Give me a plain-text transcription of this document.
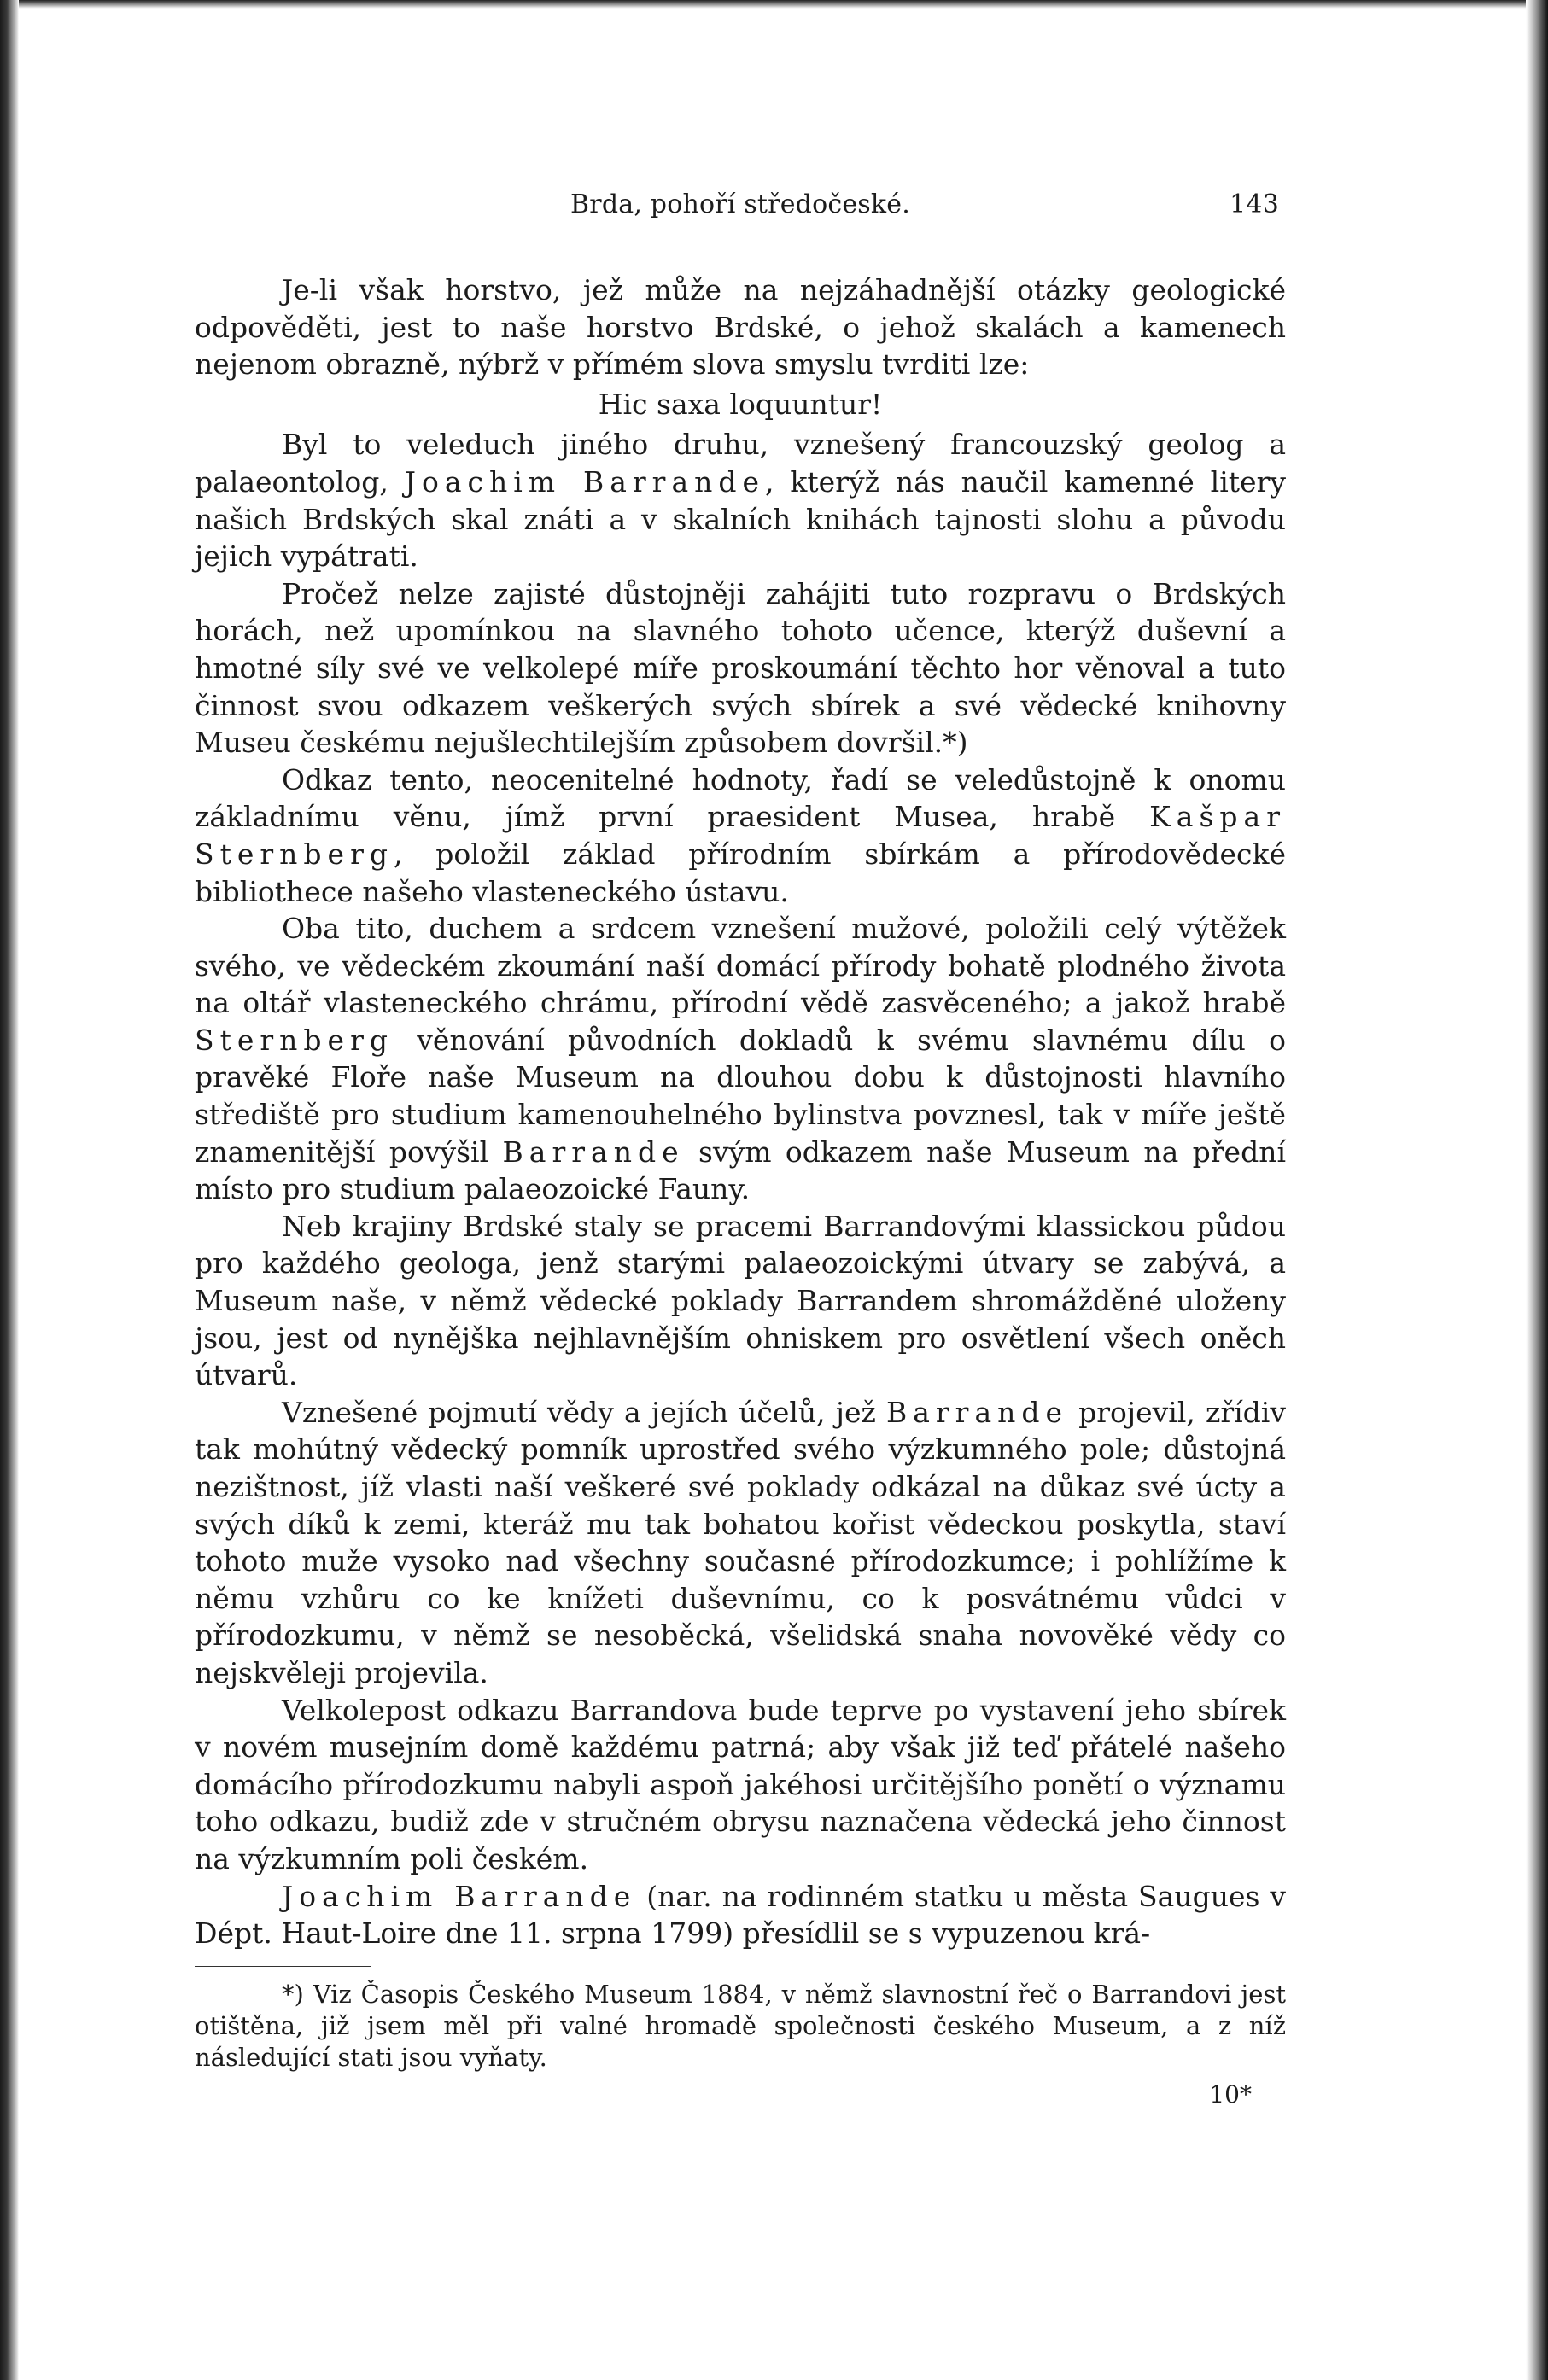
Brda, pohoří středočeské.	143

Je-li však horstvo, jež může na nejzáhadnější otázky geologické odpověděti, jest to naše horstvo Brdské, o jehož skalách a kamenech nejenom obrazně, nýbrž v přímém slova smyslu tvrditi lze:

Hic saxa loquuntur!

Byl to veleduch jiného druhu, vznešený francouzský geolog a palaeontolog, Joachim Barrande, kterýž nás naučil kamenné litery našich Brdských skal znáti a v skalních knihách tajnosti slohu a původu jejich vypátrati.

Pročež nelze zajisté důstojněji zahájiti tuto rozpravu o Brdských horách, než upomínkou na slavného tohoto učence, kterýž duševní a hmotné síly své ve velkolepé míře proskoumání těchto hor věnoval a tuto činnost svou odkazem veškerých svých sbírek a své vědecké knihovny Museu českému nejušlechtilejším způsobem dovršil.*)

Odkaz tento, neocenitelné hodnoty, řadí se veledůstojně k onomu základnímu věnu, jímž první praesident Musea, hrabě Kašpar Sternberg, položil základ přírodním sbírkám a přírodovědecké bibliothece našeho vlasteneckého ústavu.

Oba tito, duchem a srdcem vznešení mužové, položili celý výtěžek svého, ve vědeckém zkoumání naší domácí přírody bohatě plodného života na oltář vlasteneckého chrámu, přírodní vědě zasvěceného; a jakož hrabě Sternberg věnování původních dokladů k svému slavnému dílu o pravěké Floře naše Museum na dlouhou dobu k důstojnosti hlavního střediště pro studium kamenouhelného bylinstva povznesl, tak v míře ještě znamenitější povýšil Barrande svým odkazem naše Museum na přední místo pro studium palaeozoické Fauny.

Neb krajiny Brdské staly se pracemi Barrandovými klassickou půdou pro každého geologa, jenž starými palaeozoickými útvary se zabývá, a Museum naše, v němž vědecké poklady Barrandem shromážděné uloženy jsou, jest od nynějška nejhlavnějším ohniskem pro osvětlení všech oněch útvarů.

Vznešené pojmutí vědy a jejích účelů, jež Barrande projevil, zřídiv tak mohútný vědecký pomník uprostřed svého výzkumného pole; důstojná nezištnost, jíž vlasti naší veškeré své poklady odkázal na důkaz své úcty a svých díků k zemi, kteráž mu tak bohatou kořist vědeckou poskytla, staví tohoto muže vysoko nad všechny současné přírodozkumce; i pohlížíme k němu vzhůru co ke knížeti duševnímu, co k posvátnému vůdci v přírodozkumu, v němž se nesoběcká, všelidská snaha novověké vědy co nejskvěleji projevila.

Velkolepost odkazu Barrandova bude teprve po vystavení jeho sbírek v novém musejním domě každému patrná; aby však již teď přátelé našeho domácího přírodozkumu nabyli aspoň jakéhosi určitějšího ponětí o významu toho odkazu, budiž zde v stručném obrysu naznačena vědecká jeho činnost na výzkumním poli českém.

Joachim Barrande (nar. na rodinném statku u města Saugues v Dépt. Haut-Loire dne 11. srpna 1799) přesídlil se s vypuzenou krá-

*) Viz Časopis Českého Museum 1884, v němž slavnostní řeč o Barrandovi jest otištěna, již jsem měl při valné hromadě společnosti českého Museum, a z níž následující stati jsou vyňaty.

10*
